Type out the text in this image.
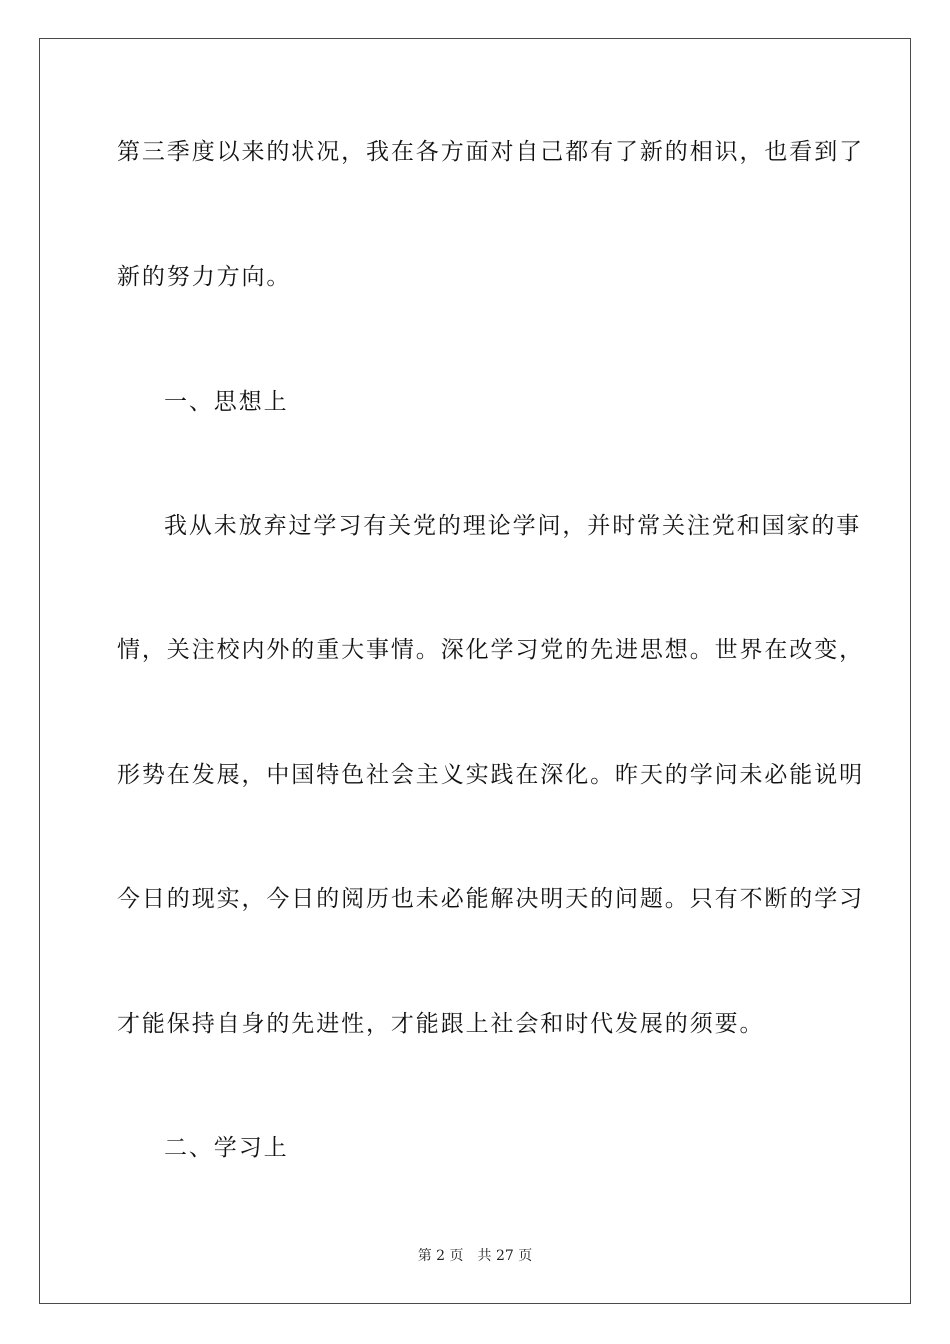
第三季度以来的状况，我在各方面对自己都有了新的相识，也看到了
新的努力方向。
一、思想上
我从未放弃过学习有关党的理论学问，并时常关注党和国家的事
情，关注校内外的重大事情。深化学习党的先进思想。世界在改变，
形势在发展，中国特色社会主义实践在深化。昨天的学问未必能说明
今日的现实，今日的阅历也未必能解决明天的问题。只有不断的学习
才能保持自身的先进性，才能跟上社会和时代发展的须要。
二、学习上
第 2 页 共 27 页
